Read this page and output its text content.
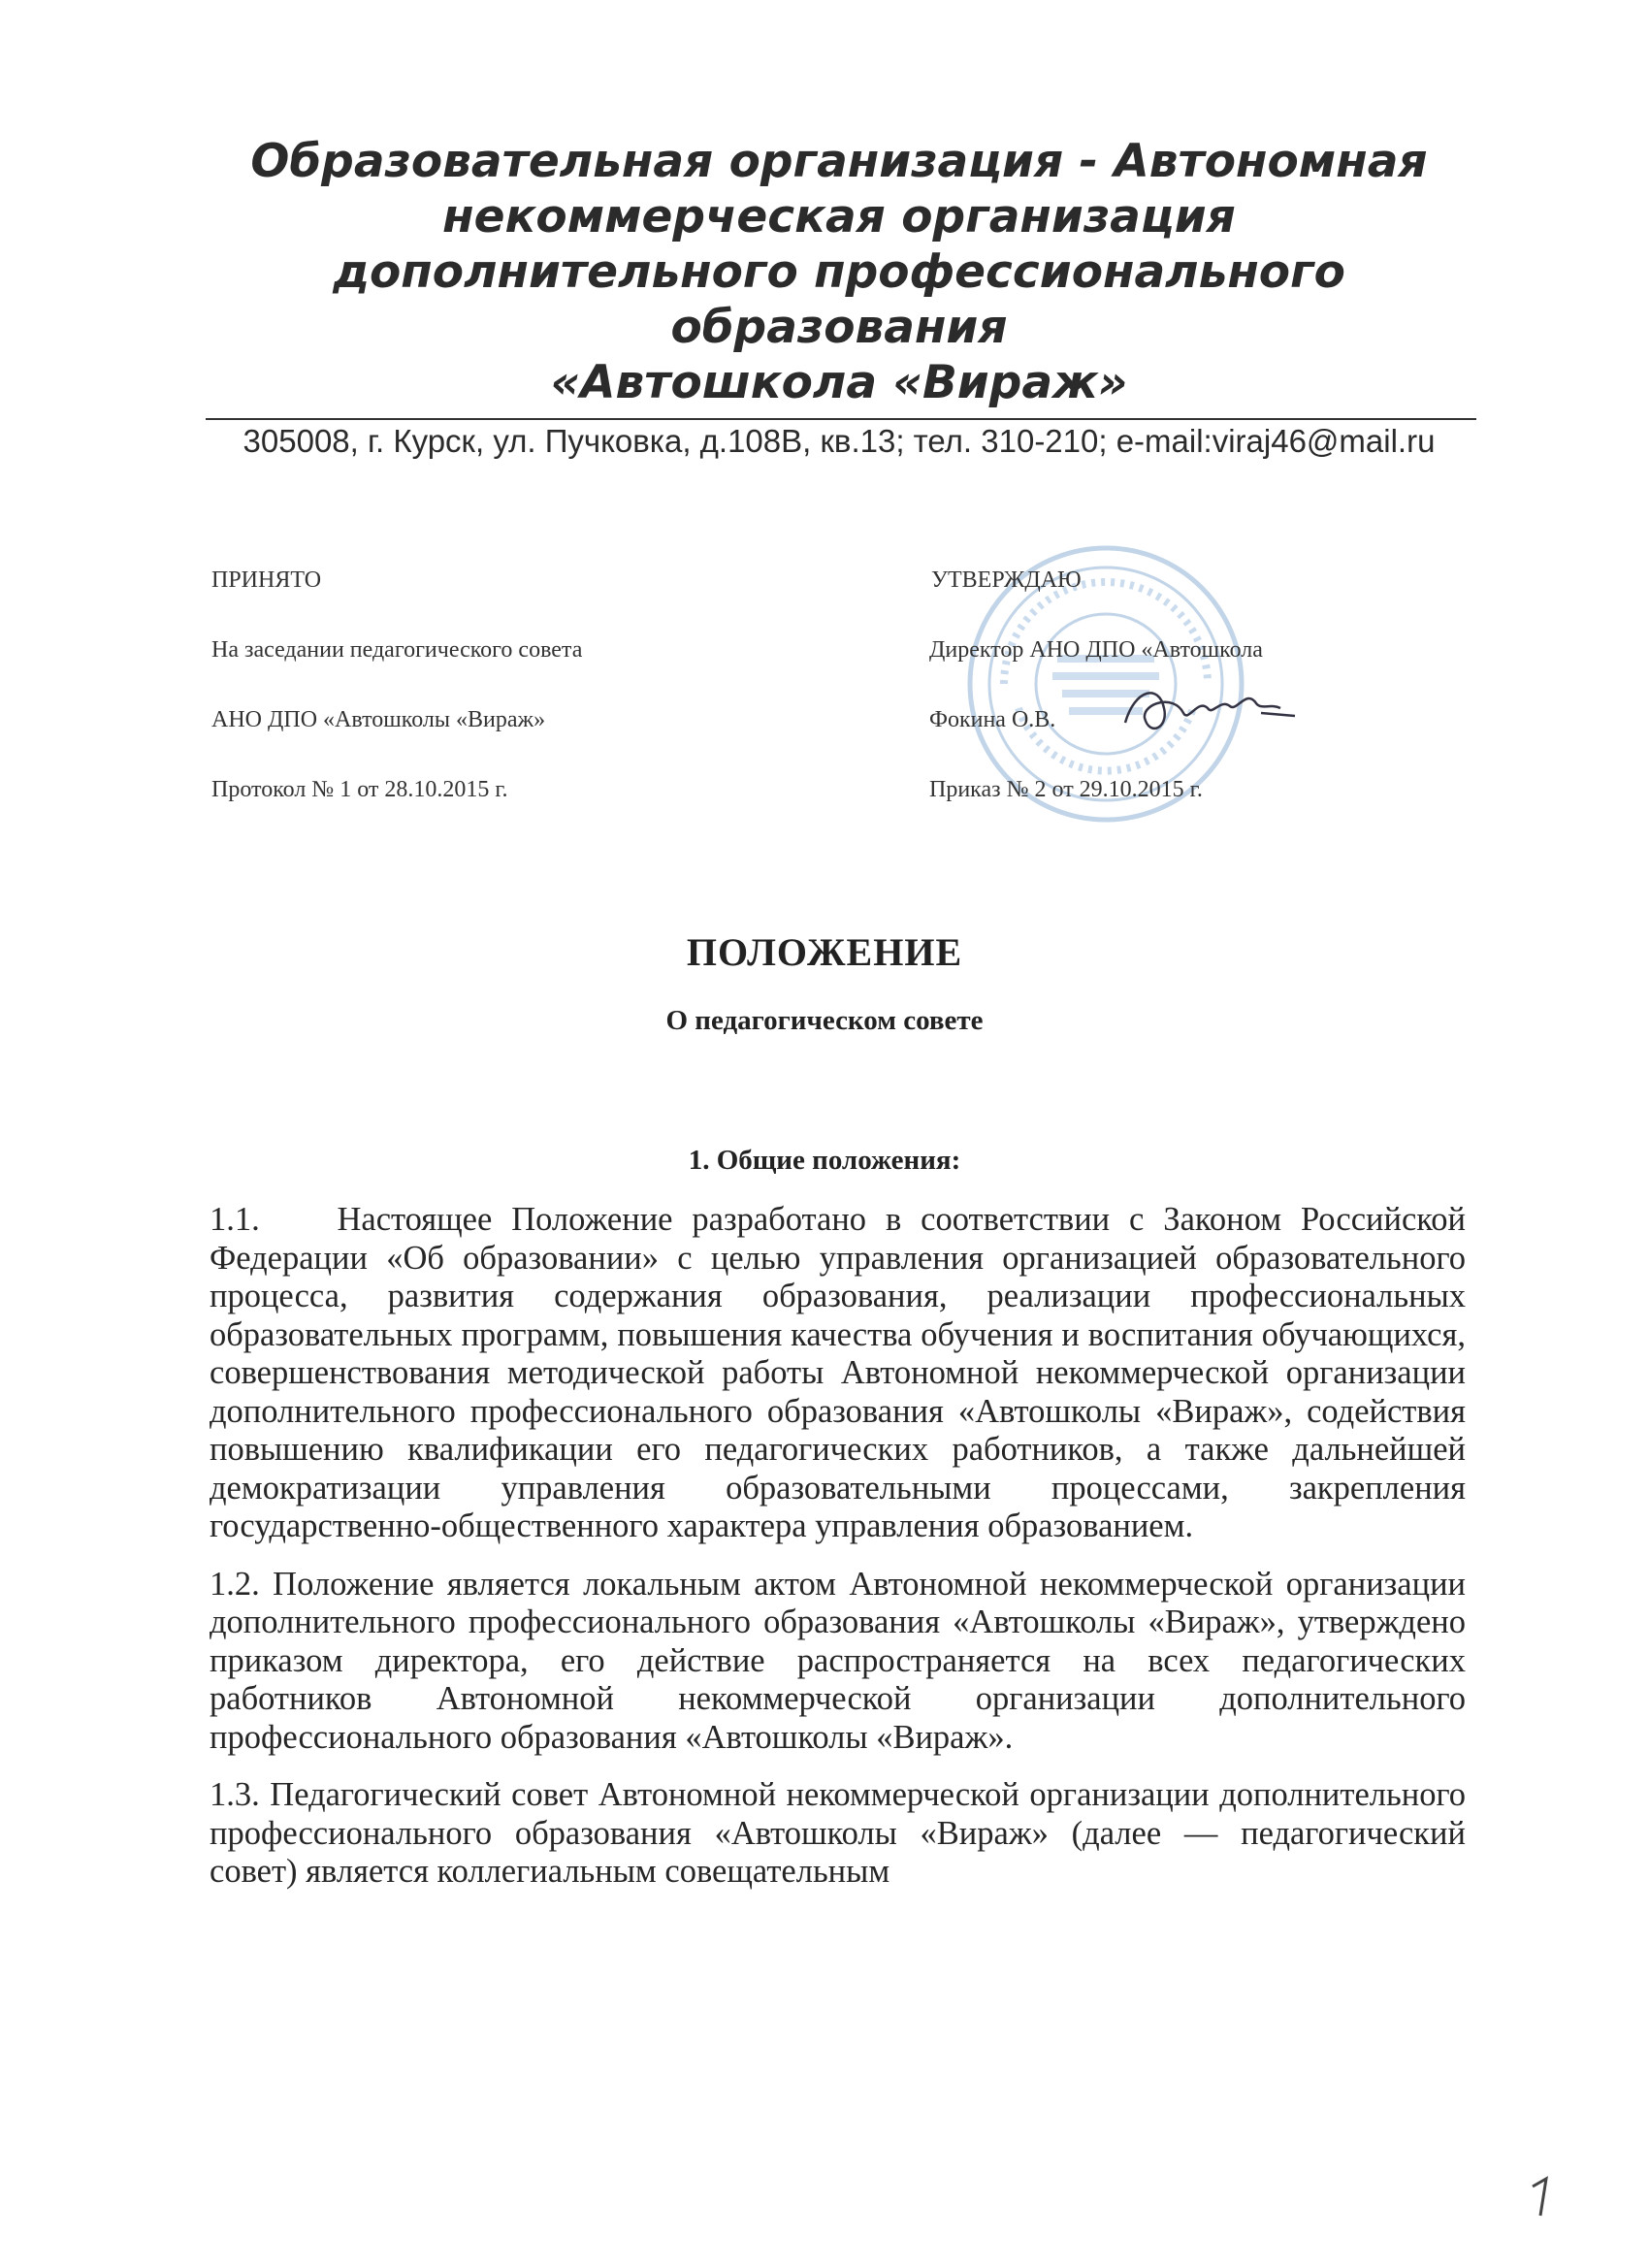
Образовательная организация - Автономная
некоммерческая организация
дополнительного профессионального
образования
«Автошкола «Вираж»
305008, г. Курск, ул. Пучковка, д.108В, кв.13; тел. 310-210; e-mail:viraj46@mail.ru
ПРИНЯТО
На заседании педагогического совета
АНО ДПО «Автошколы «Вираж»
Протокол № 1 от 28.10.2015 г.
УТВЕРЖДАЮ
Директор АНО ДПО «Автошкола
Фокина О.В.
Приказ № 2 от 29.10.2015 г.
ПОЛОЖЕНИЕ
О педагогическом совете
1. Общие положения:

1.1.    Настоящее Положение разработано в соответствии с Законом Российской Федерации «Об образовании» с целью управления организацией образовательного процесса, развития содержания образования, реализации профессиональных образовательных программ, повышения качества обучения и воспитания обучающихся, совершенствования методической работы Автономной некоммерческой организации дополнительного профессионального образования «Автошколы «Вираж», содействия повышению квалификации его педагогических работников, а также дальнейшей демократизации управления образовательными процессами, закрепления государственно-общественного характера управления образованием.

1.2. Положение является локальным актом Автономной некоммерческой организации дополнительного профессионального образования «Автошколы «Вираж», утверждено приказом директора, его действие распространяется на всех педагогических работников Автономной некоммерческой организации дополнительного профессионального образования «Автошколы «Вираж».

1.3. Педагогический совет Автономной некоммерческой организации дополнительного профессионального образования «Автошколы «Вираж» (далее — педагогический совет) является коллегиальным совещательным
